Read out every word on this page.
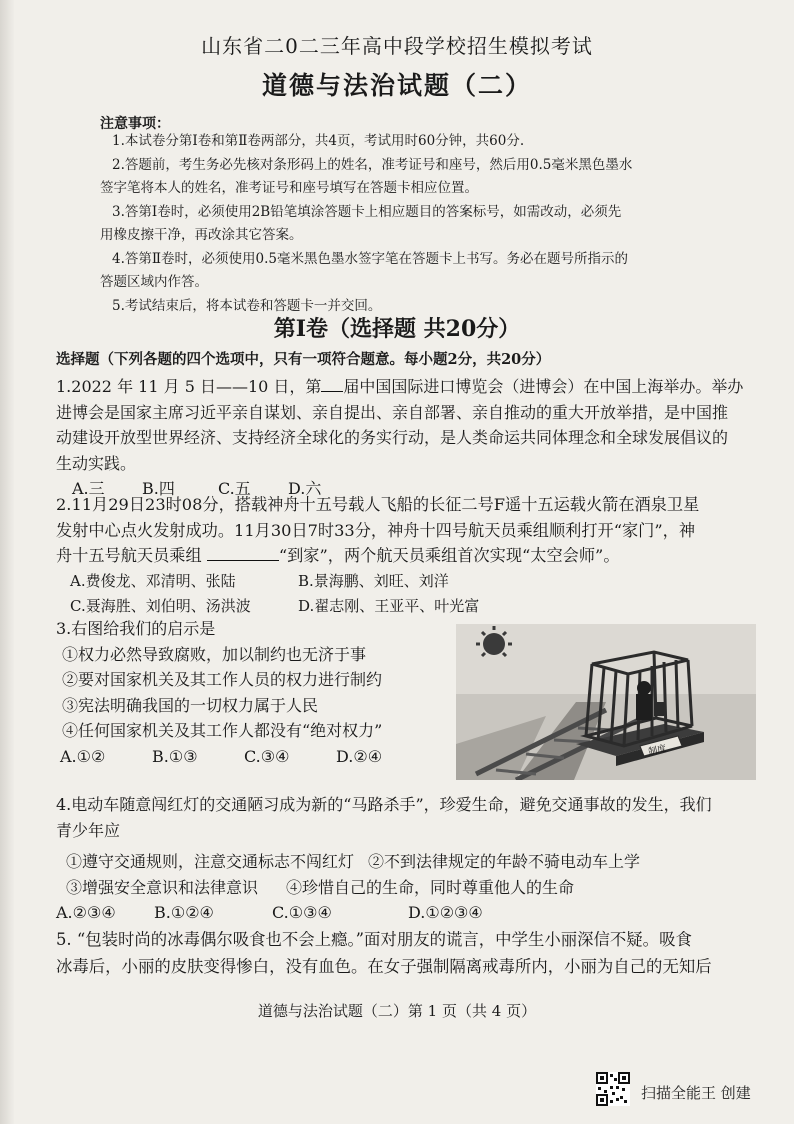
山东省二0二三年高中段学校招生模拟考试
道德与法治试题（二）
注意事项：

1.本试卷分第Ⅰ卷和第Ⅱ卷两部分，共4页，考试用时60分钟，共60分.

2.答题前，考生务必先核对条形码上的姓名，准考证号和座号，然后用0.5毫米黑色墨水

签字笔将本人的姓名，准考证号和座号填写在答题卡相应位置。

3.答第Ⅰ卷时，必须使用2B铅笔填涂答题卡上相应题目的答案标号，如需改动，必须先

用橡皮擦干净，再改涂其它答案。

4.答第Ⅱ卷时，必须使用0.5毫米黑色墨水签字笔在答题卡上书写。务必在题号所指示的

答题区域内作答。

5.考试结束后，将本试卷和答题卡一并交回。

第Ⅰ卷（选择题 共20分）
选择题（下列各题的四个选项中，只有一项符合题意。每小题2分，共20分）

1.2022 年 11 月 5 日——10 日，第 届中国国际进口博览会（进博会）在中国上海举办。举办

进博会是国家主席习近平亲自谋划、亲自提出、亲自部署、亲自推动的重大开放举措，是中国推

动建设开放型世界经济、支持经济全球化的务实行动，是人类命运共同体理念和全球发展倡议的

生动实践。

A.三 B.四	C.五 D.六

2.11月29日23时08分，搭载神舟十五号载人飞船的长征二号F遥十五运载火箭在酒泉卫星

发射中心点火发射成功。11月30日7时33分，神舟十四号航天员乘组顺利打开“家门”，神

舟十五号航天员乘组	“到家”，两个航天员乘组首次实现“太空会师”。

A.费俊龙、邓清明、张陆	B.景海鹏、刘旺、刘洋

C.聂海胜、刘伯明、汤洪波	D.翟志刚、王亚平、叶光富

3.右图给我们的启示是

①权力必然导致腐败，加以制约也无济于事

②要对国家机关及其工作人员的权力进行制约

③宪法明确我国的一切权力属于人民

④任何国家机关及其工作人都没有“绝对权力”

A.①②	B.①③	C.③④	D.②④	制度

4.电动车随意闯红灯的交通陋习成为新的“马路杀手”，珍爱生命，避免交通事故的发生，我们

青少年应

①遵守交通规则，注意交通标志不闯红灯 ②不到法律规定的年龄不骑电动车上学

③增强安全意识和法律意识 ④珍惜自己的生命，同时尊重他人的生命

A.②③④ B.①②④	C.①③④	D.①②③④

5. “包装时尚的冰毒偶尔吸食也不会上瘾。”面对朋友的谎言，中学生小丽深信不疑。吸食

冰毒后，小丽的皮肤变得惨白，没有血色。在女子强制隔离戒毒所内，小丽为自己的无知后

道德与法治试题（二）第 1 页（共 4 页）
扫描全能王 创建
